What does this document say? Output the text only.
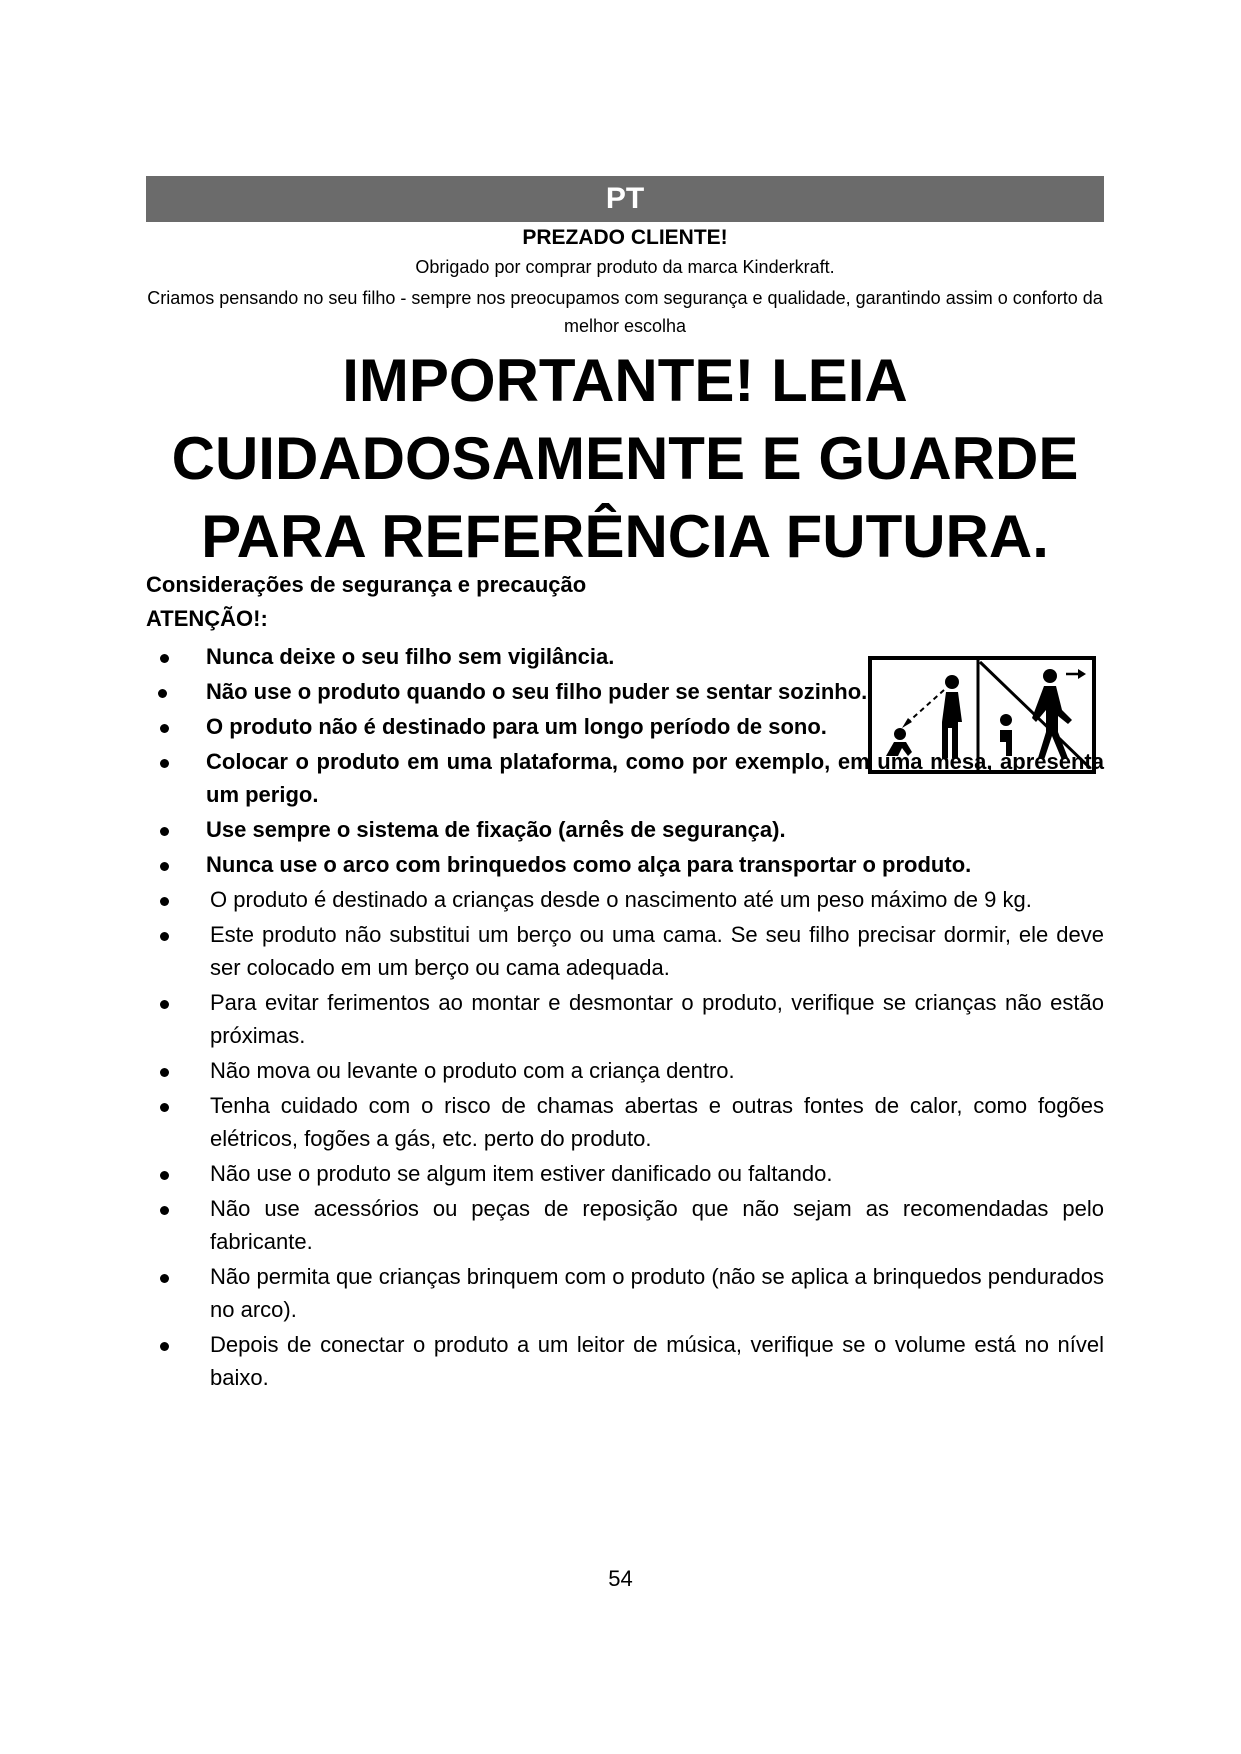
PT
PREZADO CLIENTE!
Obrigado por comprar produto da marca Kinderkraft.
Criamos pensando no seu filho - sempre nos preocupamos com segurança e qualidade, garantindo assim o conforto da melhor escolha
IMPORTANTE! LEIA CUIDADOSAMENTE E GUARDE PARA REFERÊNCIA FUTURA.
Considerações de segurança e precaução
ATENÇÃO!:
Nunca deixe o seu filho sem vigilância.
Não use o produto quando o seu filho puder se sentar sozinho.
O produto não é destinado para um longo período de sono.
Colocar o produto em uma plataforma, como por exemplo, em uma mesa, apresenta um perigo.
Use sempre o sistema de fixação (arnês de segurança).
Nunca use o arco com brinquedos como alça para transportar o produto.
O produto é destinado a crianças desde o nascimento até um peso máximo de 9 kg.
Este produto não substitui um berço ou uma cama. Se seu filho precisar dormir, ele deve ser colocado em um berço ou cama adequada.
Para evitar ferimentos ao montar e desmontar o produto, verifique se crianças não estão próximas.
Não mova ou levante o produto com a criança dentro.
Tenha cuidado com o risco de chamas abertas e outras fontes de calor, como fogões elétricos, fogões a gás, etc. perto do produto.
Não use o produto se algum item estiver danificado ou faltando.
Não use acessórios ou peças de reposição que não sejam as recomendadas pelo fabricante.
Não permita que crianças brinquem com o produto (não se aplica a brinquedos pendurados no arco).
Depois de conectar o produto a um leitor de música, verifique se o volume está no nível baixo.
54
